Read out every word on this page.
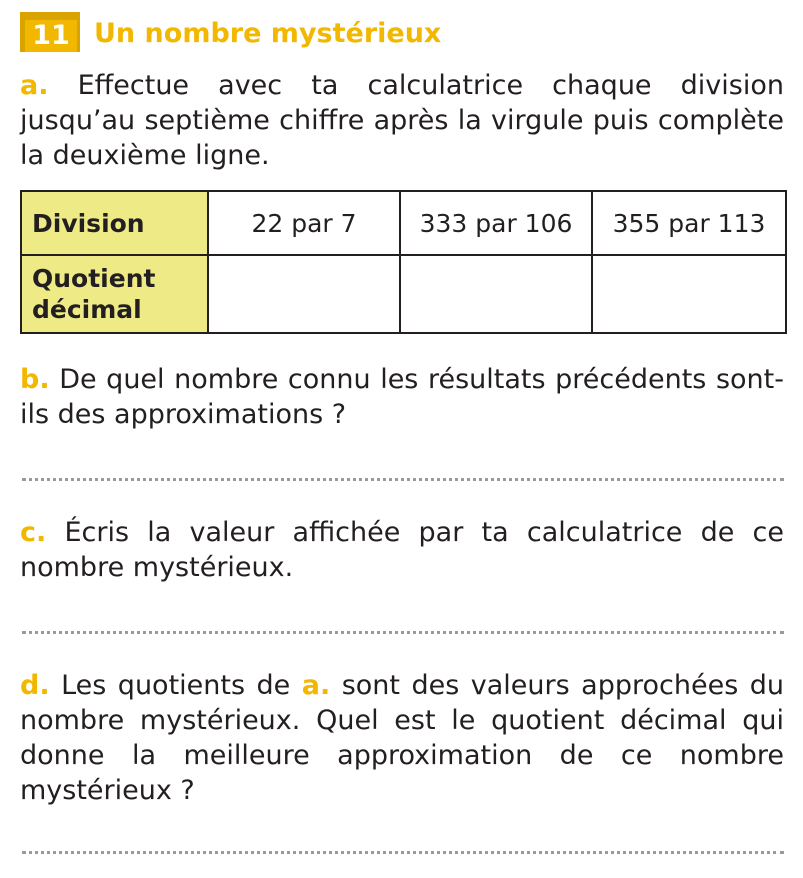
11 Un nombre mystérieux

a. Effectue avec ta calculatrice chaque division jusqu’au septième chiffre après la virgule puis complète la deuxième ligne.

Division	22 par 7	333 par 106	355 par 113
Quotient
décimal			

b. De quel nombre connu les résultats précédents sont-ils des approximations ?

c. Écris la valeur affichée par ta calculatrice de ce nombre mystérieux.

d. Les quotients de a. sont des valeurs approchées du nombre mystérieux. Quel est le quotient décimal qui donne la meilleure approximation de ce nombre mystérieux ?
